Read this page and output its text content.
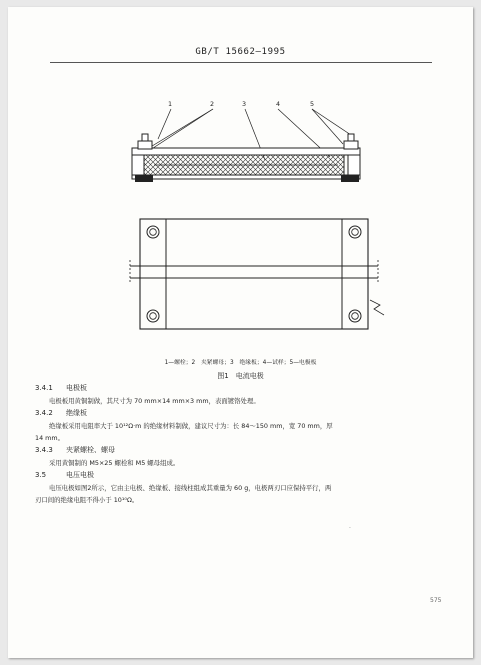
GB/T 15662—1995
1	2	3	4	5
1—螺栓；2 夹紧螺母；3 绝缘板；4—试样；5—电极板
图1　电流电极
3.4.1 电极板
电极板用黄铜制做，其尺寸为 70 mm×14 mm×3 mm，表面镀铬处理。
3.4.2 绝缘板
绝缘板采用电阻率大于 10¹²Ω·m 的绝缘材料制做，建议尺寸为：长 84～150 mm，宽 70 mm，厚
14 mm。
3.4.3 夹紧螺栓、螺母
采用黄铜制的 M5×25 螺栓和 M5 螺母组成。
3.5	电压电极
电压电极如图2所示，它由主电极、绝缘板、接线柱组成其重量为 60 g，电极两刃口应保持平行，两
刃口间的绝缘电阻不得小于 10¹⁰Ω。
·
575
